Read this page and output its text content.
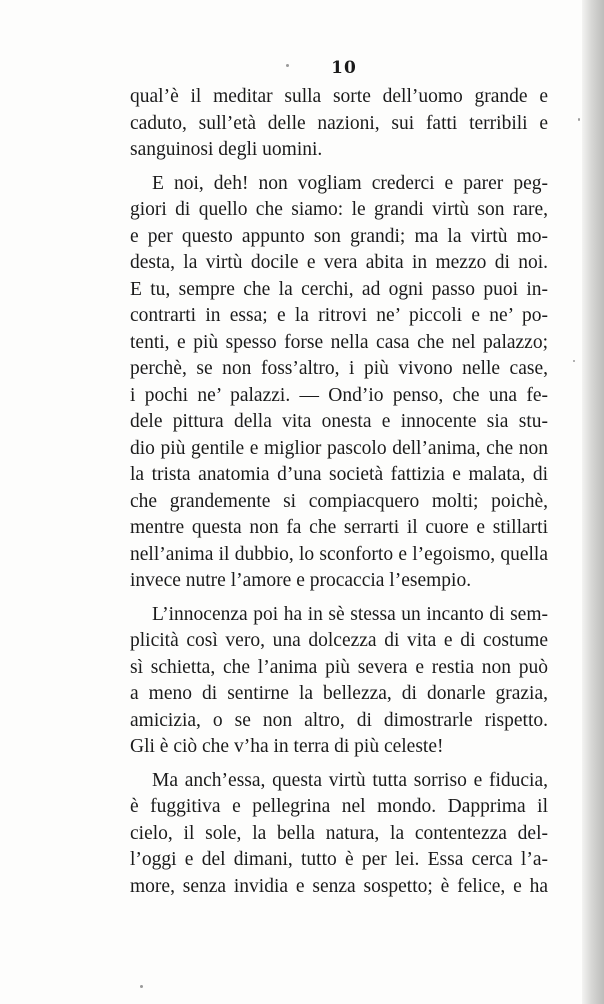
10
qual’è il meditar sulla sorte dell’uomo grande e
caduto, sull’età delle nazioni, sui fatti terribili e
sanguinosi degli uomini.
E noi, deh! non vogliam crederci e parer peg-
giori di quello che siamo: le grandi virtù son rare,
e per questo appunto son grandi; ma la virtù mo-
desta, la virtù docile e vera abita in mezzo di noi.
E tu, sempre che la cerchi, ad ogni passo puoi in-
contrarti in essa; e la ritrovi ne’ piccoli e ne’ po-
tenti, e più spesso forse nella casa che nel palazzo;
perchè, se non foss’altro, i più vivono nelle case,
i pochi ne’ palazzi. — Ond’io penso, che una fe-
dele pittura della vita onesta e innocente sia stu-
dio più gentile e miglior pascolo dell’anima, che non
la trista anatomia d’una società fattizia e malata, di
che grandemente si compiacquero molti; poichè,
mentre questa non fa che serrarti il cuore e stillarti
nell’anima il dubbio, lo sconforto e l’egoismo, quella
invece nutre l’amore e procaccia l’esempio.
L’innocenza poi ha in sè stessa un incanto di sem-
plicità così vero, una dolcezza di vita e di costume
sì schietta, che l’anima più severa e restia non può
a meno di sentirne la bellezza, di donarle grazia,
amicizia, o se non altro, di dimostrarle rispetto.
Gli è ciò che v’ha in terra di più celeste!
Ma anch’essa, questa virtù tutta sorriso e fiducia,
è fuggitiva e pellegrina nel mondo. Dapprima il
cielo, il sole, la bella natura, la contentezza del-
l’oggi e del dimani, tutto è per lei. Essa cerca l’a-
more, senza invidia e senza sospetto; è felice, e ha
